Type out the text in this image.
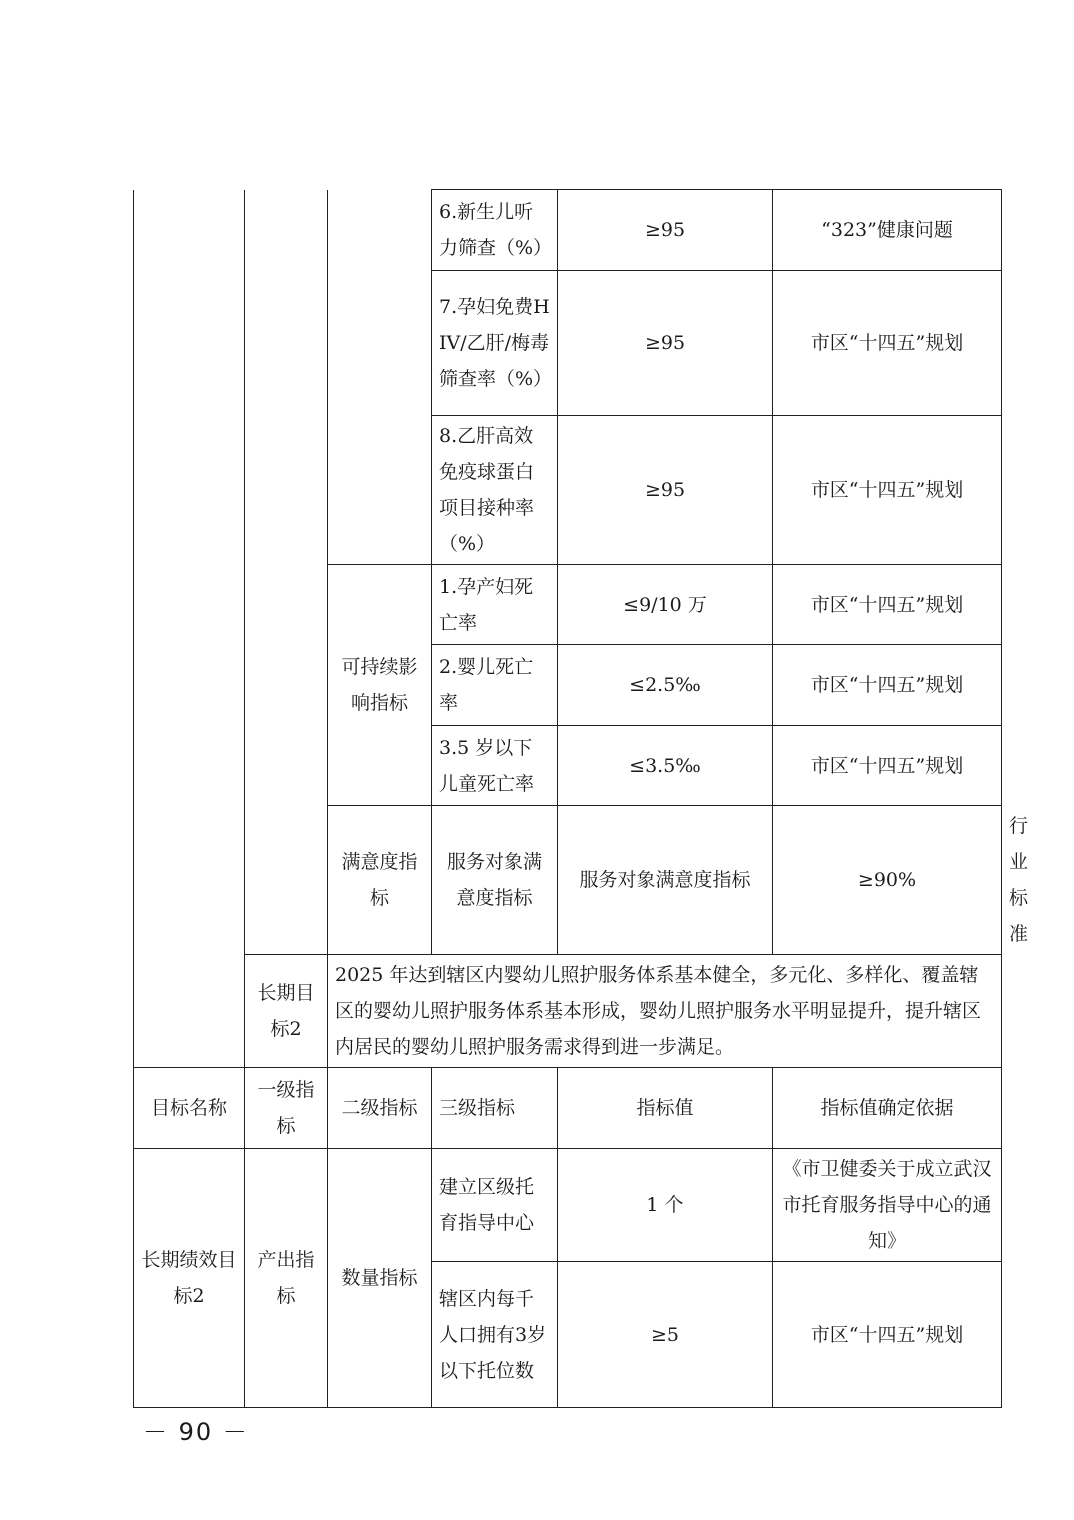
			6.新生儿听力筛查（%）	≥95	“323”健康问题	
			7.孕妇免费HIV/乙肝/梅毒筛查率（%）	≥95	市区“十四五”规划	
			8.乙肝高效免疫球蛋白项目接种率（%）	≥95	市区“十四五”规划	
		可持续影响指标	1.孕产妇死亡率	≤9/10 万	市区“十四五”规划	
			2.婴儿死亡率	≤2.5‰	市区“十四五”规划	
			3.5 岁以下儿童死亡率	≤3.5‰	市区“十四五”规划	
		满意度指标	服务对象满意度指标	服务对象满意度指标	≥90%	行业标准
	长期目标2	2025 年达到辖区内婴幼儿照护服务体系基本健全，多元化、多样化、覆盖辖区的婴幼儿照护服务体系基本形成，婴幼儿照护服务水平明显提升，提升辖区内居民的婴幼儿照护服务需求得到进一步满足。				
目标名称	一级指标	二级指标	三级指标	指标值	指标值确定依据	
长期绩效目标2	产出指标	数量指标	建立区级托育指导中心	1 个	《市卫健委关于成立武汉市托育服务指导中心的通知》	
			辖区内每千人口拥有3岁以下托位数	≥5	市区“十四五”规划	
－ 90 －
